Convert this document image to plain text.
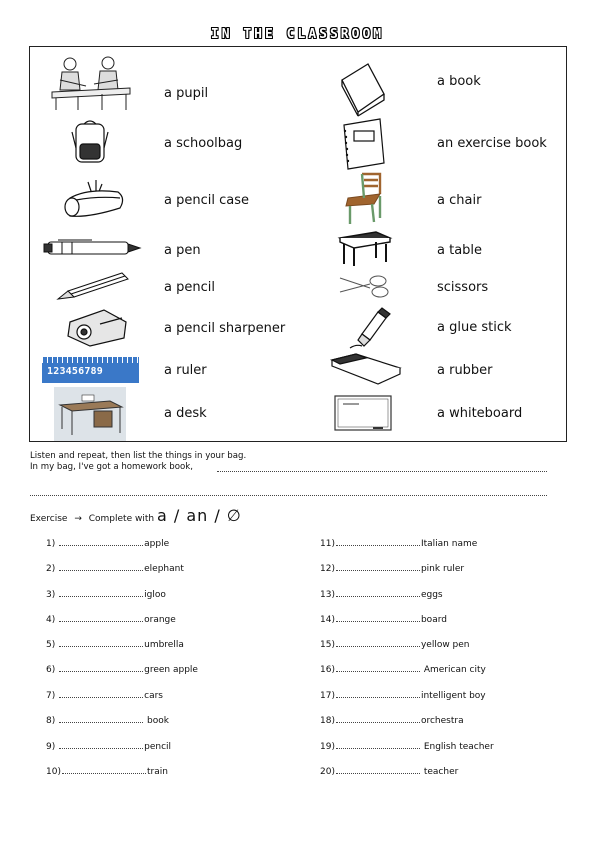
IN THE CLASSROOM
a pupil
a schoolbag
a pencil case
a pen
a pencil
a pencil sharpener
123456789	a ruler
a desk
a book
an exercise book
a chair
a table
scissors
a glue stick
a rubber
a whiteboard
Listen and repeat, then list the things in your bag.
In my bag, I've got a homework book,
Exercise → Complete with a / an / ∅
1)	apple
2)	elephant
3)	igloo
4)	orange
5)	umbrella
6)	green apple
7)	cars
8)	book
9)	pencil
10)	train
11)	Italian name
12)	pink ruler
13)	eggs
14)	board
15)	yellow pen
16)	American city
17)	intelligent boy
18)	orchestra
19)	English teacher
20)	teacher
